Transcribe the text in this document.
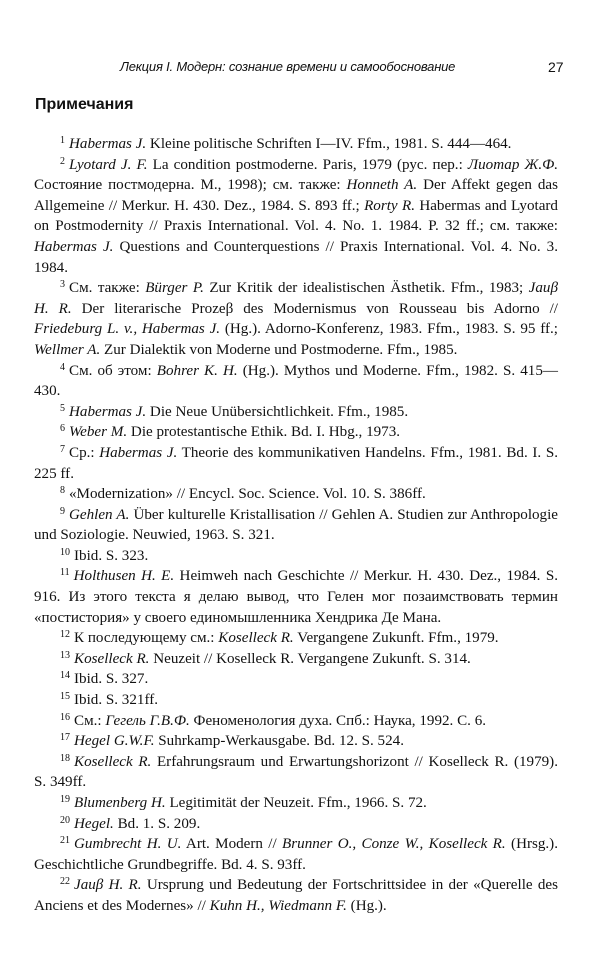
Лекция I. Модерн: сознание времени и самообоснование	27
Примечания

$^1$ Habermas J. Kleine politische Schriften I—IV. Ffm., 1981. S. 444—464.

$^2$ Lyotard J. F. La condition postmoderne. Paris, 1979 (рус. пер.: Лиотар Ж.Ф. Состояние постмодерна. М., 1998); см. также: Honneth A. Der Affekt gegen das Allgemeine // Merkur. H. 430. Dez., 1984. S. 893 ff.; Rorty R. Habermas and Lyotard on Postmodernity // Praxis International. Vol. 4. No. 1. 1984. P. 32 ff.; см. также: Habermas J. Questions and Counterquestions // Praxis International. Vol. 4. No. 3. 1984.

$^3$ См. также: Bürger P. Zur Kritik der idealistischen Ästhetik. Ffm., 1983; Jauβ H. R. Der literarische Prozeβ des Modernismus von Rousseau bis Adorno // Friedeburg L. v., Habermas J. (Hg.). Adorno-Konferenz, 1983. Ffm., 1983. S. 95 ff.; Wellmer A. Zur Dialektik von Moderne und Postmoderne. Ffm., 1985.

$^4$ См. об этом: Bohrer K. H. (Hg.). Mythos und Moderne. Ffm., 1982. S. 415—430.

$^5$ Habermas J. Die Neue Unübersichtlichkeit. Ffm., 1985.

$^6$ Weber M. Die protestantische Ethik. Bd. I. Hbg., 1973.

$^7$ Ср.: Habermas J. Theorie des kommunikativen Handelns. Ffm., 1981. Bd. I. S. 225 ff.

$^8$ «Modernization» // Encycl. Soc. Science. Vol. 10. S. 386ff.

$^9$ Gehlen A. Über kulturelle Kristallisation // Gehlen A. Studien zur Anthropologie und Soziologie. Neuwied, 1963. S. 321.

$^{10}$ Ibid. S. 323.

$^{11}$ Holthusen H. E. Heimweh nach Geschichte // Merkur. H. 430. Dez., 1984. S. 916. Из этого текста я делаю вывод, что Гелен мог позаимствовать термин «постистория» у своего единомышленника Хендрика Де Мана.

$^{12}$ К последующему см.: Koselleck R. Vergangene Zukunft. Ffm., 1979.

$^{13}$ Koselleck R. Neuzeit // Koselleck R. Vergangene Zukunft. S. 314.

$^{14}$ Ibid. S. 327.

$^{15}$ Ibid. S. 321ff.

$^{16}$ См.: Гегель Г.В.Ф. Феноменология духа. Спб.: Наука, 1992. С. 6.

$^{17}$ Hegel G.W.F. Suhrkamp-Werkausgabe. Bd. 12. S. 524.

$^{18}$ Koselleck R. Erfahrungsraum und Erwartungshorizont // Koselleck R. (1979). S. 349ff.

$^{19}$ Blumenberg H. Legitimität der Neuzeit. Ffm., 1966. S. 72.

$^{20}$ Hegel. Bd. 1. S. 209.

$^{21}$ Gumbrecht H. U. Art. Modern // Brunner O., Conze W., Koselleck R. (Hrsg.). Geschichtliche Grundbegriffe. Bd. 4. S. 93ff.

$^{22}$ Jauβ H. R. Ursprung und Bedeutung der Fortschrittsidee in der «Querelle des Anciens et des Modernes» // Kuhn H., Wiedmann F. (Hg.).
